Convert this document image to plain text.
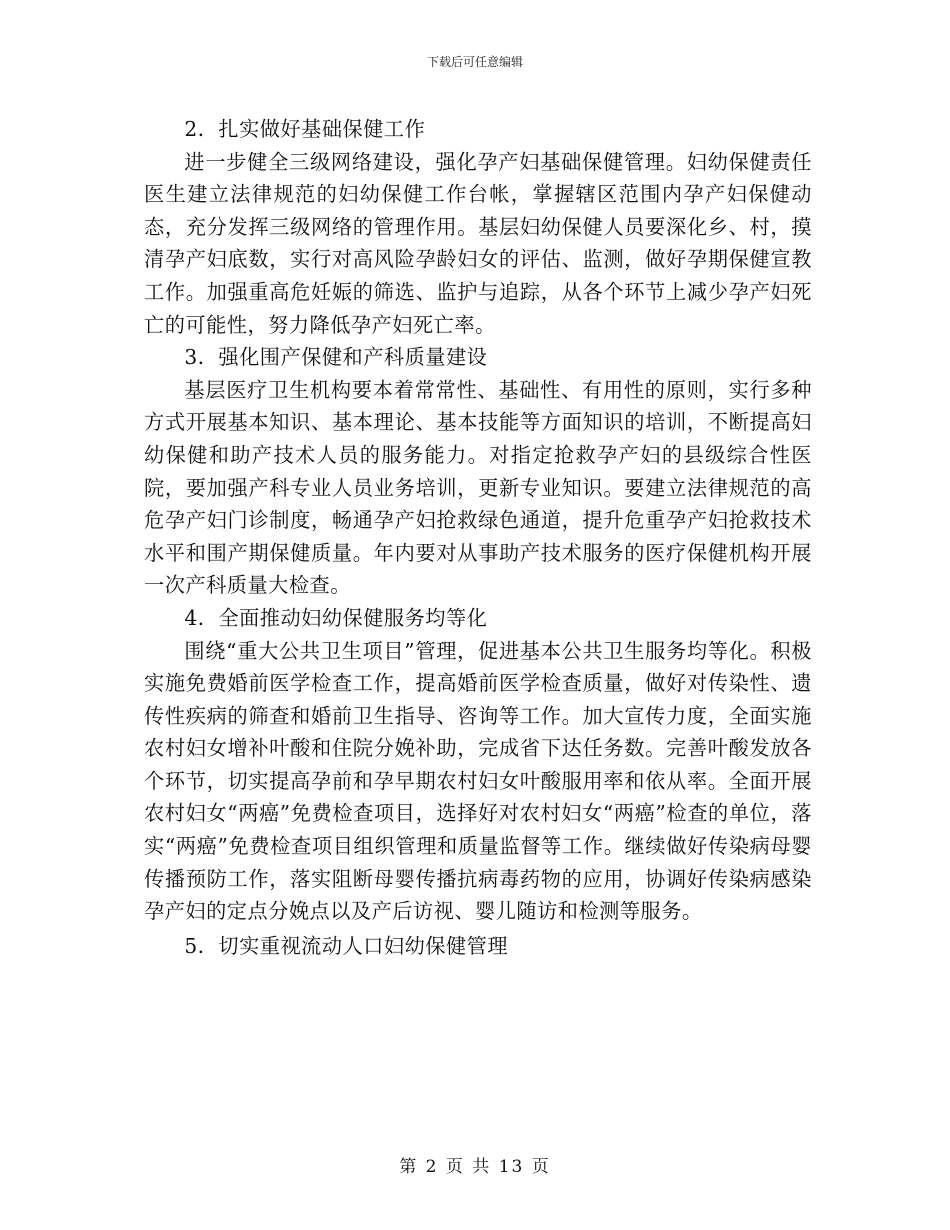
下载后可任意编辑

2．扎实做好基础保健工作

进一步健全三级网络建设，强化孕产妇基础保健管理。妇幼保健责任医生建立法律规范的妇幼保健工作台帐，掌握辖区范围内孕产妇保健动态，充分发挥三级网络的管理作用。基层妇幼保健人员要深化乡、村，摸清孕产妇底数，实行对高风险孕龄妇女的评估、监测，做好孕期保健宣教工作。加强重高危妊娠的筛选、监护与追踪，从各个环节上减少孕产妇死亡的可能性，努力降低孕产妇死亡率。

3．强化围产保健和产科质量建设

基层医疗卫生机构要本着常常性、基础性、有用性的原则，实行多种方式开展基本知识、基本理论、基本技能等方面知识的培训，不断提高妇幼保健和助产技术人员的服务能力。对指定抢救孕产妇的县级综合性医院，要加强产科专业人员业务培训，更新专业知识。要建立法律规范的高危孕产妇门诊制度，畅通孕产妇抢救绿色通道，提升危重孕产妇抢救技术水平和围产期保健质量。年内要对从事助产技术服务的医疗保健机构开展一次产科质量大检查。

4．全面推动妇幼保健服务均等化

围绕“重大公共卫生项目”管理，促进基本公共卫生服务均等化。积极实施免费婚前医学检查工作，提高婚前医学检查质量，做好对传染性、遗传性疾病的筛查和婚前卫生指导、咨询等工作。加大宣传力度，全面实施农村妇女增补叶酸和住院分娩补助，完成省下达任务数。完善叶酸发放各个环节，切实提高孕前和孕早期农村妇女叶酸服用率和依从率。全面开展农村妇女“两癌”免费检查项目，选择好对农村妇女“两癌”检查的单位，落实“两癌”免费检查项目组织管理和质量监督等工作。继续做好传染病母婴传播预防工作，落实阻断母婴传播抗病毒药物的应用，协调好传染病感染孕产妇的定点分娩点以及产后访视、婴儿随访和检测等服务。

5．切实重视流动人口妇幼保健管理

第 2 页 共 13 页
